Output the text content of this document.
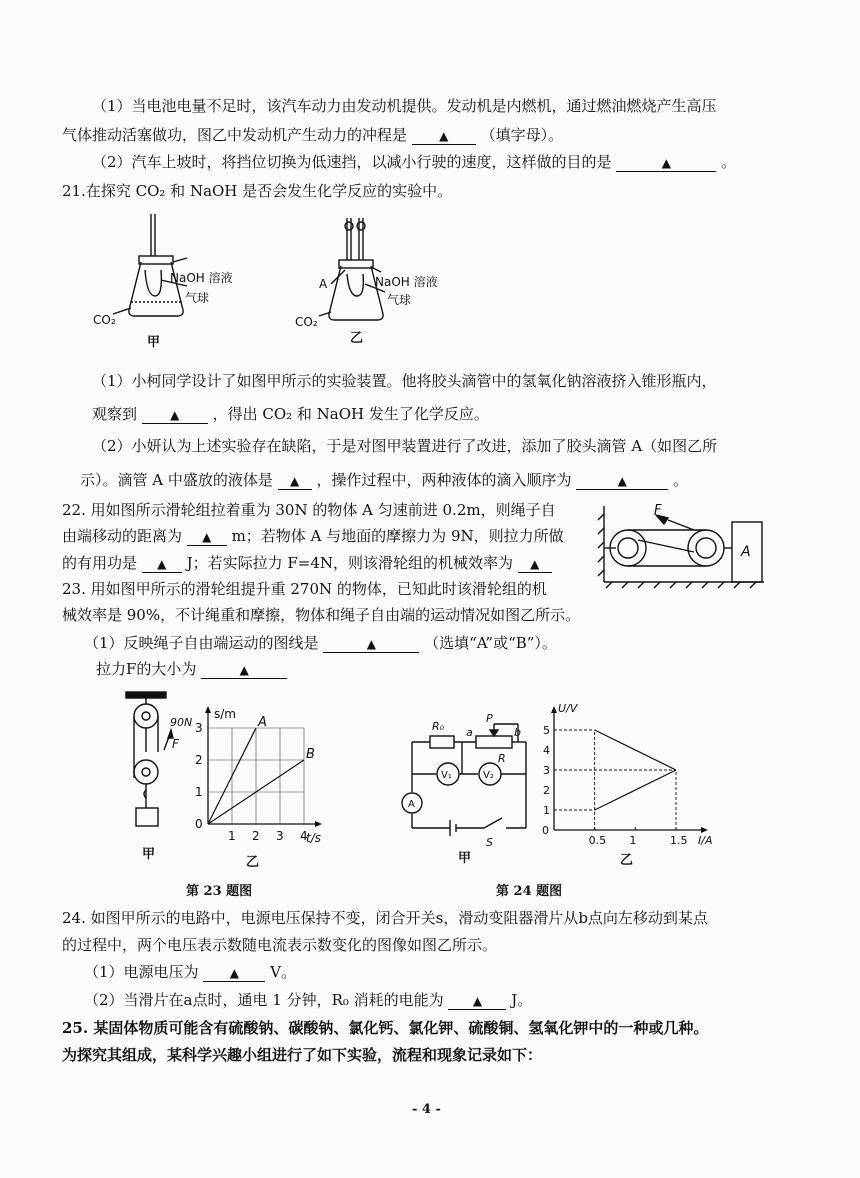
（1）当电池电量不足时，该汽车动力由发动机提供。发动机是内燃机，通过燃油燃烧产生高压
气体推动活塞做功，图乙中发动机产生动力的冲程是	▲ （填字母）。
（2）汽车上坡时，将挡位切换为低速挡，以减小行驶的速度，这样做的目的是	▲	。
21.在探究 CO₂ 和 NaOH 是否会发生化学反应的实验中。
NaOH 溶液
气球
CO₂
甲
A	NaOH 溶液
气球
CO₂
乙
（1）小柯同学设计了如图甲所示的实验装置。他将胶头滴管中的氢氧化钠溶液挤入锥形瓶内，
观察到	▲ ，得出 CO₂ 和 NaOH 发生了化学反应。
（2）小妍认为上述实验存在缺陷，于是对图甲装置进行了改进，添加了胶头滴管 A（如图乙所
示）。滴管 A 中盛放的液体是 ▲ ，操作过程中，两种液体的滴入顺序为	▲	。
22. 用如图所示滑轮组拉着重为 30N 的物体 A 匀速前进 0.2m，则绳子自
由端移动的距离为 ▲ m；若物体 A 与地面的摩擦力为 9N，则拉力所做
的有用功是 ▲ J；若实际拉力 F=4N，则该滑轮组的机械效率为 ▲
F
A
23. 用如图甲所示的滑轮组提升重 270N 的物体，已知此时该滑轮组的机
械效率是 90%，不计绳重和摩擦，物体和绳子自由端的运动情况如图乙所示。
（1）反映绳子自由端运动的图线是	▲	（选填“A”或“B”）。
拉力F的大小为	▲
90N
F
甲
1 2 3 4
0
1
2
3
t/s
s/m
A
B
乙
R₀
P
a	b
R
V₁	V₂
A
S
甲
0
0.5 1	1.5
1
2
3
4
5
I/A
U/V
乙
第 23 题图	第 24 题图
24. 如图甲所示的电路中，电源电压保持不变，闭合开关s，滑动变阻器滑片从b点向左移动到某点
的过程中，两个电压表示数随电流表示数变化的图像如图乙所示。
（1）电源电压为	▲ V。
（2）当滑片在a点时，通电 1 分钟，R₀ 消耗的电能为 ▲ J。
25. 某固体物质可能含有硫酸钠、碳酸钠、氯化钙、氯化钾、硫酸铜、氢氧化钾中的一种或几种。
为探究其组成，某科学兴趣小组进行了如下实验，流程和现象记录如下：
- 4 -
